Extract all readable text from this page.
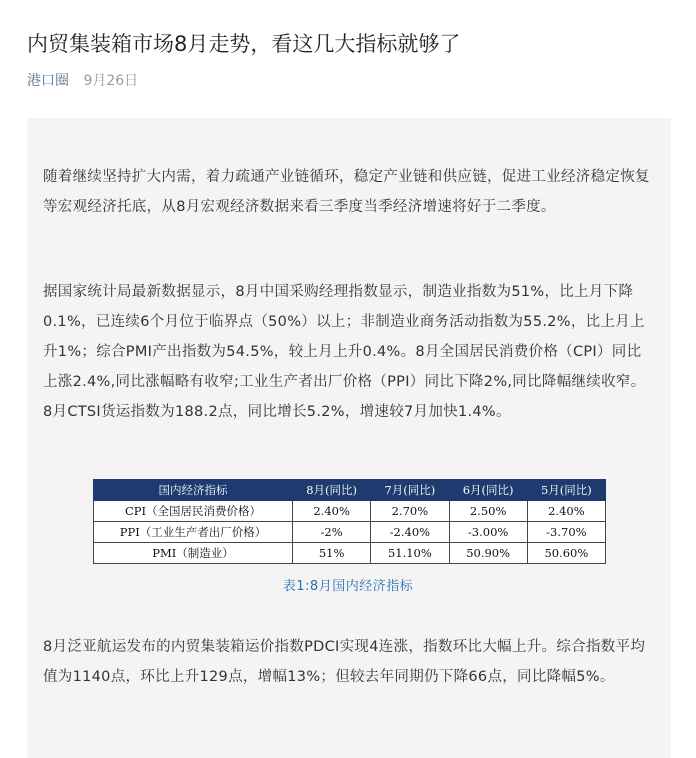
内贸集装箱市场8月走势，看这几大指标就够了
港口圈 9月26日

随着继续坚持扩大内需，着力疏通产业链循环，稳定产业链和供应链，促进工业经济稳定恢复等宏观经济托底，从8月宏观经济数据来看三季度当季经济增速将好于二季度。

据国家统计局最新数据显示，8月中国采购经理指数显示，制造业指数为51%，比上月下降0.1%，已连续6个月位于临界点（50%）以上；非制造业商务活动指数为55.2%，比上月上升1%；综合PMI产出指数为54.5%，较上月上升0.4%。8月全国居民消费价格（CPI）同比上涨2.4%,同比涨幅略有收窄;工业生产者出厂价格（PPI）同比下降2%,同比降幅继续收窄。8月CTSI货运指数为188.2点，同比增长5.2%，增速较7月加快1.4%。

国内经济指标	8月(同比)	7月(同比)	6月(同比)	5月(同比)
CPI（全国居民消费价格）	2.40%	2.70%	2.50%	2.40%
PPI（工业生产者出厂价格）	-2%	-2.40%	-3.00%	-3.70%
PMI（制造业）	51%	51.10%	50.90%	50.60%
表1:8月国内经济指标

8月泛亚航运发布的内贸集装箱运价指数PDCI实现4连涨，指数环比大幅上升。综合指数平均值为1140点，环比上升129点，增幅13%；但较去年同期仍下降66点，同比降幅5%。
